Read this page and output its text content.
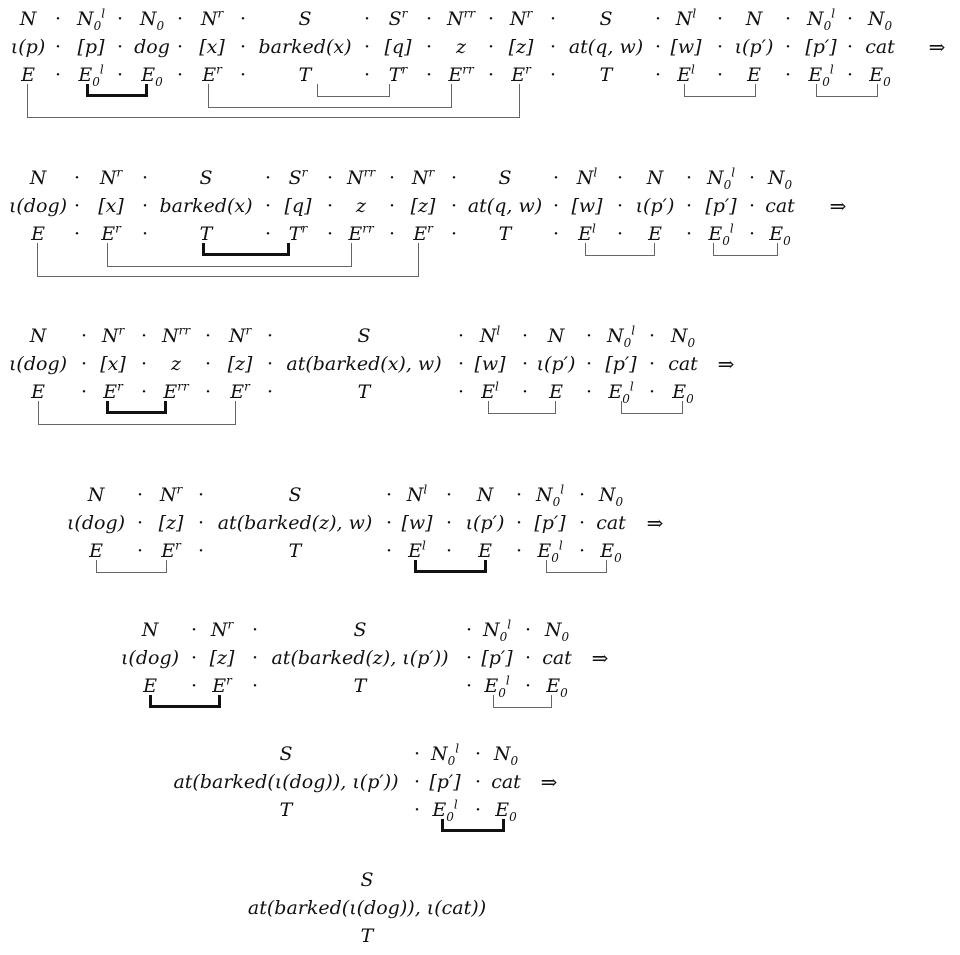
N
ι(p)
E
$N_0^l$
[p]
$E_0^l$
$N_0$
dog
$E_0$
$N^r$
[x]
$E^r$
S
barked(x)
T
$S^r$
[q]
$T^r$
$N^{rr}$
z
$E^{rr}$
$N^r$
[z]
$E^r$
S
at(q, w)
T
$N^l$
[w]
$E^l$
N
ι(p′)
E
$N_0^l$
[p′]
$E_0^l$
$N_0$
cat
$E_0$
·
·
·
·
·
·
·
·
·
·
·
·
·
·
·
·
·
·
·
·
·
·
·
·
·
·
·
·
·
·
·
·
·
·
·
·
⇒
N
ι(dog)
E
$N^r$
[x]
$E^r$
S
barked(x)
T
$S^r$
[q]
$T^r$
$N^{rr}$
z
$E^{rr}$
$N^r$
[z]
$E^r$
S
at(q, w)
T
$N^l$
[w]
$E^l$
N
ι(p′)
E
$N_0^l$
[p′]
$E_0^l$
$N_0$
cat
$E_0$
·
·
·
·
·
·
·
·
·
·
·
·
·
·
·
·
·
·
·
·
·
·
·
·
·
·
·
·
·
·
⇒
N
ι(dog)
E
$N^r$
[x]
$E^r$
$N^{rr}$
z
$E^{rr}$
$N^r$
[z]
$E^r$
S
at(barked(x), w)
T
$N^l$
[w]
$E^l$
N
ι(p′)
E
$N_0^l$
[p′]
$E_0^l$
$N_0$
cat
$E_0$
·
·
·
·
·
·
·
·
·
·
·
·
·
·
·
·
·
·
·
·
·
·
·
·
⇒
N
ι(dog)
E
$N^r$
[z]
$E^r$
S
at(barked(z), w)
T
$N^l$
[w]
$E^l$
N
ι(p′)
E
$N_0^l$
[p′]
$E_0^l$
$N_0$
cat
$E_0$
·
·
·
·
·
·
·
·
·
·
·
·
·
·
·
·
·
·
⇒
N
ι(dog)
E
$N^r$
[z]
$E^r$
S
at(barked(z), ι(p′))
T
$N_0^l$
[p′]
$E_0^l$
$N_0$
cat
$E_0$
·
·
·
·
·
·
·
·
·
·
·
·
⇒
S
at(barked(ι(dog)), ι(p′))
T
$N_0^l$
[p′]
$E_0^l$
$N_0$
cat
$E_0$
·
·
·
·
·
·
⇒
S
at(barked(ι(dog)), ι(cat))
T
